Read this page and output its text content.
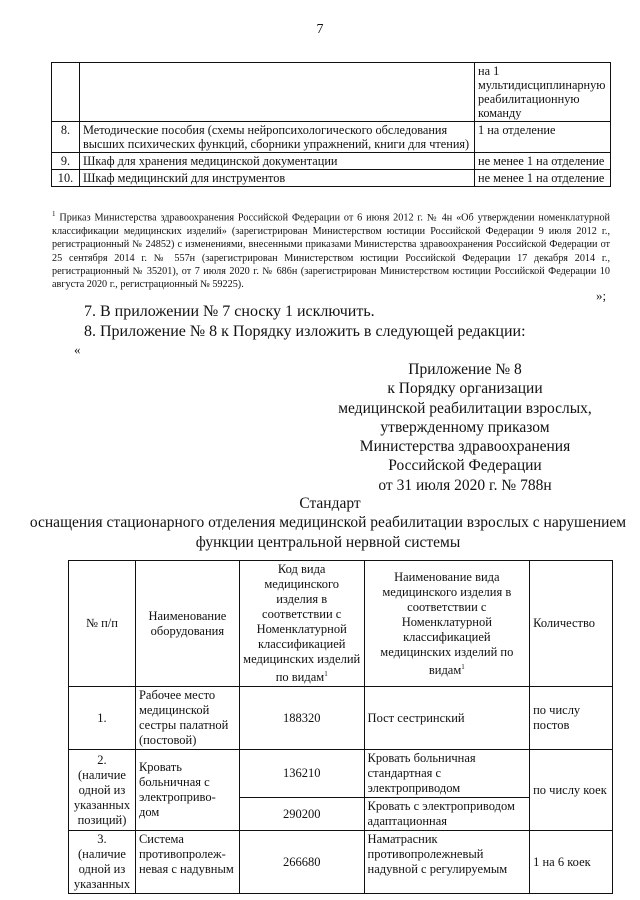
7
		на 1 мультидисциплинарную реабилитационную команду
8.	Методические пособия (схемы нейропсихологического обследования высших психических функций, сборники упражнений, книги для чтения)	1 на отделение
9.	Шкаф для хранения медицинской документации	не менее 1 на отделение
10.	Шкаф медицинский для инструментов	не менее 1 на отделение
$^1$ Приказ Министерства здравоохранения Российской Федерации от 6 июня 2012 г. № 4н «Об утверждении номенклатурной классификации медицинских изделий» (зарегистрирован Министерством юстиции Российской Федерации 9 июля 2012 г., регистрационный № 24852) с изменениями, внесенными приказами Министерства здравоохранения Российской Федерации от 25 сентября 2014 г. № 557н (зарегистрирован Министерством юстиции Российской Федерации 17 декабря 2014 г., регистрационный № 35201), от 7 июля 2020 г. № 686н (зарегистрирован Министерством юстиции Российской Федерации 10 августа 2020 г., регистрационный № 59225).
»;
7. В приложении № 7 сноску 1 исключить.
8. Приложение № 8 к Порядку изложить в следующей редакции:
«
Приложение № 8
к Порядку организации
медицинской реабилитации взрослых,
утвержденному приказом
Министерства здравоохранения
Российской Федерации
от 31 июля 2020 г. № 788н
Стандарт
оснащения стационарного отделения медицинской реабилитации взрослых с нарушением функции центральной нервной системы
№ п/п	Наименование оборудования	Код вида медицинского изделия в соответствии с Номенклатурной классификацией медицинских изделий по видам$^1$	Наименование вида медицинского изделия в соответствии с Номенклатурной классификацией медицинских изделий по видам$^1$	Количество
1.	Рабочее место медицинской сестры палатной (постовой)	188320	Пост сестринский	по числу постов
2. (наличие одной из указанных позиций)	Кровать больничная с электроприво-дом	136210	Кровать больничная стандартная с электроприводом	по числу коек
		290200	Кровать с электроприводом адаптационная	
3. (наличие одной из указанных	Система противопролеж-невая с надувным	266680	Наматрасник противопролежневый надувной с регулируемым	1 на 6 коек
